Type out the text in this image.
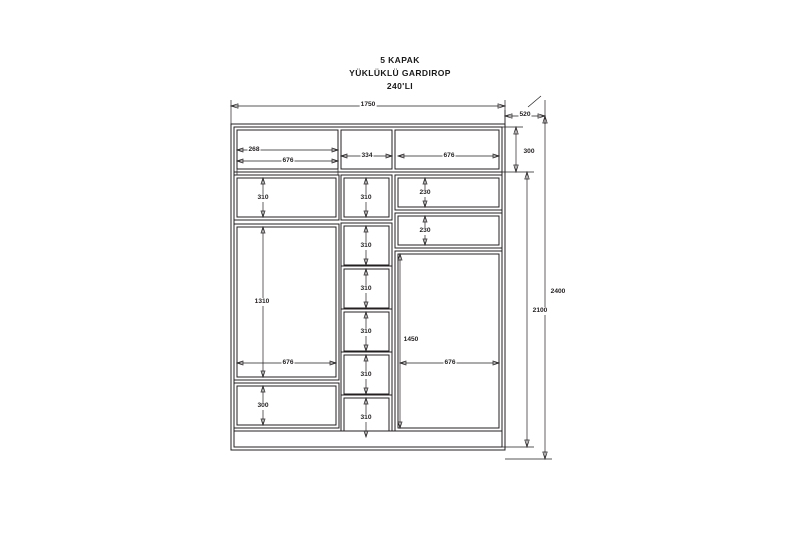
5 KAPAK
YÜKLÜKLÜ GARDIROP
240'LI
1750
520
2400
2100
300
268
676
334	676
310	310
310
310
310
310
310
230
230
1310
676
1450
676
300
